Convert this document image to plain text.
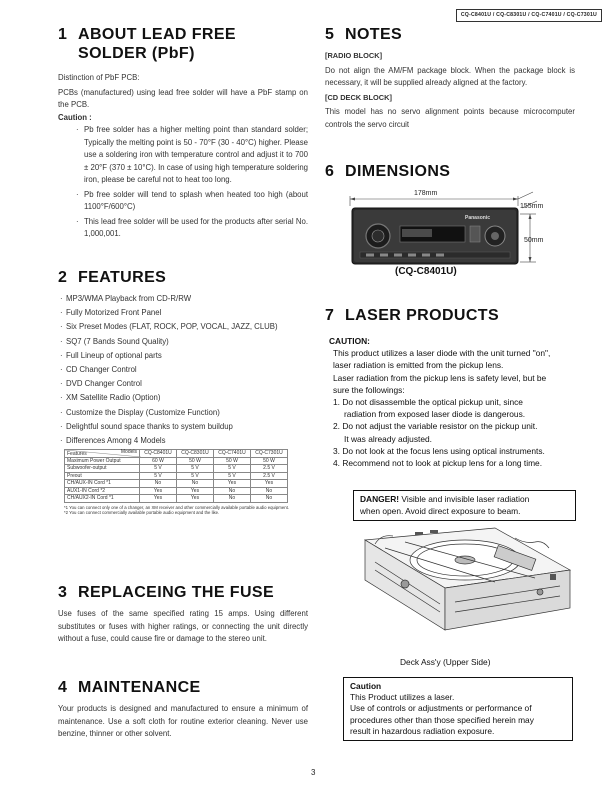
CQ-C8401U / CQ-C8301U / CQ-C7401U / CQ-C7301U
1 ABOUT LEAD FREE
SOLDER (PbF)

Distinction of PbF PCB:

PCBs (manufactured) using lead free solder will have a PbF stamp on the PCB.

Caution :

· Pb free solder has a higher melting point than standard solder; Typically the melting point is 50 - 70°F (30 - 40°C) higher. Please use a soldering iron with temperature control and adjust it to 700 ± 20°F (370 ± 10°C). In case of using high temperature soldering iron, please be careful not to heat too long.

· Pb free solder will tend to splash when heated too high (about 1100°F/600°C)

· This lead free solder will be used for the products after serial No. 1,000,001.

2 FEATURES

· MP3/WMA Playback from CD-R/RW

· Fully Motorized Front Panel

· Six Preset Modes (FLAT, ROCK, POP, VOCAL, JAZZ, CLUB)

· SQ7 (7 Bands Sound Quality)

· Full Lineup of optional parts

· CD Changer Control

· DVD Changer Control

· XM Satellite Radio (Option)

· Customize the Display (Customize Function)

· Delightful sound space thanks to system buildup

· Differences Among 4 Models

Features Models	CQ-C8401U	CQ-C8301U	CQ-C7401U	CQ-C7301U
Maximum Power Output	60 W	50 W	50 W	50 W
Subwoofer-output	5 V	5 V	5 V	2.5 V
Preout	5 V	5 V	5 V	2.5 V
CH/AUX-IN Cord *1	No	No	Yes	Yes
AUX1-IN Cord *2	Yes	Yes	No	No
CH/AUX2-IN Cord *1	Yes	Yes	No	No
*1 You can connect only one of a changer, an XM receiver and other commercially available portable audio equipment.
*2 You can connect commercially available portable audio equipment and the like.
3 REPLACEING THE FUSE

Use fuses of the same specified rating 15 amps. Using different substitutes or fuses with higher ratings, or connecting the unit directly without a fuse, could cause fire or damage to the stereo unit.

4 MAINTENANCE

Your products is designed and manufactured to ensure a minimum of maintenance. Use a soft cloth for routine exterior cleaning. Never use benzine, thinner or other solvent.

5 NOTES

[RADIO BLOCK]

Do not align the AM/FM package block. When the package block is necessary, it will be supplied already aligned at the factory.

[CD DECK BLOCK]

This model has no servo alignment points because microcomputer controls the servo circuit

6 DIMENSIONS
178mm
155mm
50mm
Panasonic
(CQ-C8401U)
7 LASER PRODUCTS

CAUTION:

This product utilizes a laser diode with the unit turned "on",

laser radiation is emitted from the pickup lens.

Laser radiation from the pickup lens is safety level, but be

sure the followings:

1. Do not disassemble the optical pickup unit, since

radiation from exposed laser diode is dangerous.

2. Do not adjust the variable resistor on the pickup unit.

It was already adjusted.

3. Do not look at the focus lens using optical instruments.

4. Recommend not to look at pickup lens for a long time.

DANGER! Visible and invisible laser radiation
when open. Avoid direct exposure to beam.
Deck Ass'y (Upper Side)
Caution
This Product utilizes a laser.
Use of controls or adjustments or performance of
procedures other than those specified herein may
result in hazardous radiation exposure.
3
